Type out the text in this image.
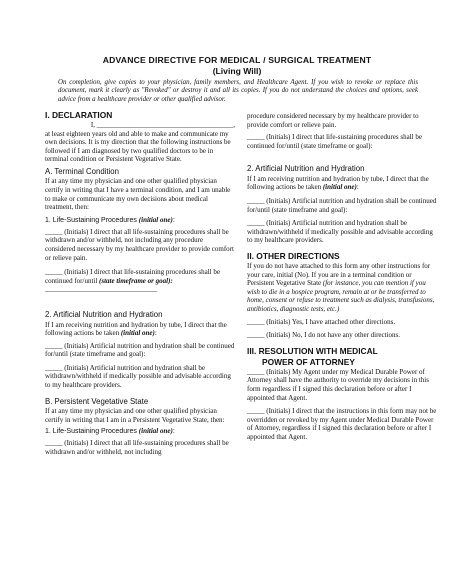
ADVANCE DIRECTIVE FOR MEDICAL / SURGICAL TREATMENT
(Living Will)

On completion, give copies to your physician, family members, and Healthcare Agent. If you wish to revoke or replace this document, mark it clearly as "Revoked" or destroy it and all its copies. If you do not understand the choices and options, seek advice from a healthcare provider or other qualified advisor.

I. DECLARATION

I, _______________________________________,

at least eighteen years old and able to make and communicate my own decisions. It is my direction that the following instructions be followed if I am diagnosed by two qualified doctors to be in terminal condition or Persistent Vegetative State.

A. Terminal Condition

If at any time my physician and one other qualified physician certify in writing that I have a terminal condition, and I am unable to make or communicate my own decisions about medical treatment, then:

1. Life-Sustaining Procedures (initial one):

_____ (Initials) I direct that all life-sustaining procedures shall be withdrawn and/or withheld, not including any procedure considered necessary by my healthcare provider to provide comfort or relieve pain.

_____ (Initials) I direct that life-sustaining procedures shall be continued for/until (state timeframe or goal):

________________________________

2. Artificial Nutrition and Hydration

If I am receiving nutrition and hydration by tube, I direct that the following actions be taken (initial one):

_____ (Initials) Artificial nutrition and hydration shall be continued for/until (state timeframe and goal):

_____ (Initials) Artificial nutrition and hydration shall be withdrawn/withheld if medically possible and advisable according to my healthcare providers.

B. Persistent Vegetative State

If at any time my physician and one other qualified physician certify in writing that I am in a Persistent Vegetative State, then:

1. Life-Sustaining Procedures (initial one):

_____ (Initials) I direct that all life-sustaining procedures shall be withdrawn and/or withheld, not including

procedure considered necessary by my healthcare provider to provide comfort or relieve pain.

_____ (Initials) I direct that life-sustaining procedures shall be continued for/until (state timeframe or goal):

2. Artificial Nutrition and Hydration

If I am receiving nutrition and hydration by tube, I direct that the following actions be taken (initial one):

_____ (Initials) Artificial nutrition and hydration shall be continued for/until (state timeframe and goal):

_____ (Initials) Artificial nutrition and hydration shall be withdrawn/withheld if medically possible and advisable according to my healthcare providers.

II. OTHER DIRECTIONS

If you do not have attached to this form any other instructions for your care, initial (No). If you are in a terminal condition or Persistent Vegetative State (for instance, you can mention if you wish to die in a hospice program, remain at or be transferred to home, consent or refuse to treatment such as dialysis, transfusions, antibiotics, diagnostic tests, etc.)

_____ (Initials) Yes, I have attached other directions.

_____ (Initials) No, I do not have any other directions.

III. RESOLUTION WITH MEDICAL
POWER OF ATTORNEY

_____ (Initials) My Agent under my Medical Durable Power of Attorney shall have the authority to override my decisions in this form regardless if I signed this declaration before or after I appointed that Agent.

_____ (Initials) I direct that the instructions in this form may not be overridden or revoked by my Agent under Medical Durable Power of Attorney, regardless if I signed this declaration before or after I appointed that Agent.
